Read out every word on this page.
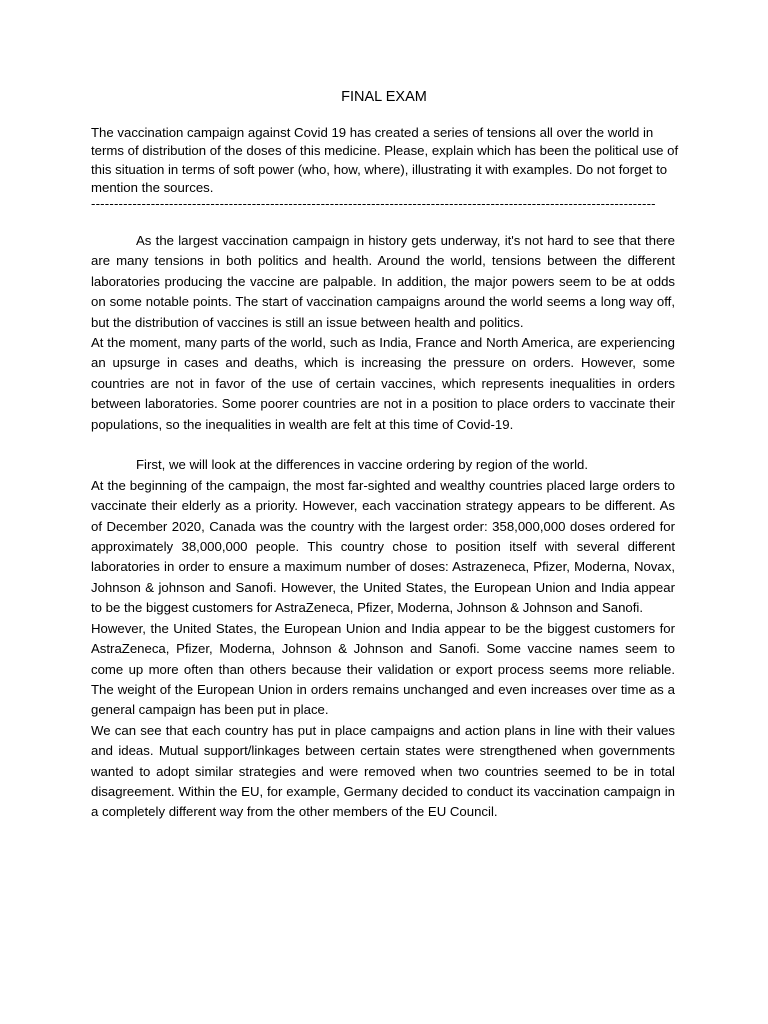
FINAL EXAM

The vaccination campaign against Covid 19 has created a series of tensions all over the world in terms of distribution of the doses of this medicine. Please, explain which has been the political use of this situation in terms of soft power (who, how, where), illustrating it with examples. Do not forget to mention the sources.

---------------------------------------------------------------------------------------------------------------------------

As the largest vaccination campaign in history gets underway, it's not hard to see that there are many tensions in both politics and health. Around the world, tensions between the different laboratories producing the vaccine are palpable. In addition, the major powers seem to be at odds on some notable points. The start of vaccination campaigns around the world seems a long way off, but the distribution of vaccines is still an issue between health and politics.

At the moment, many parts of the world, such as India, France and North America, are experiencing an upsurge in cases and deaths, which is increasing the pressure on orders. However, some countries are not in favor of the use of certain vaccines, which represents inequalities in orders between laboratories. Some poorer countries are not in a position to place orders to vaccinate their populations, so the inequalities in wealth are felt at this time of Covid-19.

First, we will look at the differences in vaccine ordering by region of the world.

At the beginning of the campaign, the most far-sighted and wealthy countries placed large orders to vaccinate their elderly as a priority. However, each vaccination strategy appears to be different. As of December 2020, Canada was the country with the largest order: 358,000,000 doses ordered for approximately 38,000,000 people. This country chose to position itself with several different laboratories in order to ensure a maximum number of doses: Astrazeneca, Pfizer, Moderna, Novax, Johnson & johnson and Sanofi. However, the United States, the European Union and India appear to be the biggest customers for AstraZeneca, Pfizer, Moderna, Johnson & Johnson and Sanofi.

However, the United States, the European Union and India appear to be the biggest customers for AstraZeneca, Pfizer, Moderna, Johnson & Johnson and Sanofi. Some vaccine names seem to come up more often than others because their validation or export process seems more reliable. The weight of the European Union in orders remains unchanged and even increases over time as a general campaign has been put in place.

We can see that each country has put in place campaigns and action plans in line with their values and ideas. Mutual support/linkages between certain states were strengthened when governments wanted to adopt similar strategies and were removed when two countries seemed to be in total disagreement. Within the EU, for example, Germany decided to conduct its vaccination campaign in a completely different way from the other members of the EU Council.
